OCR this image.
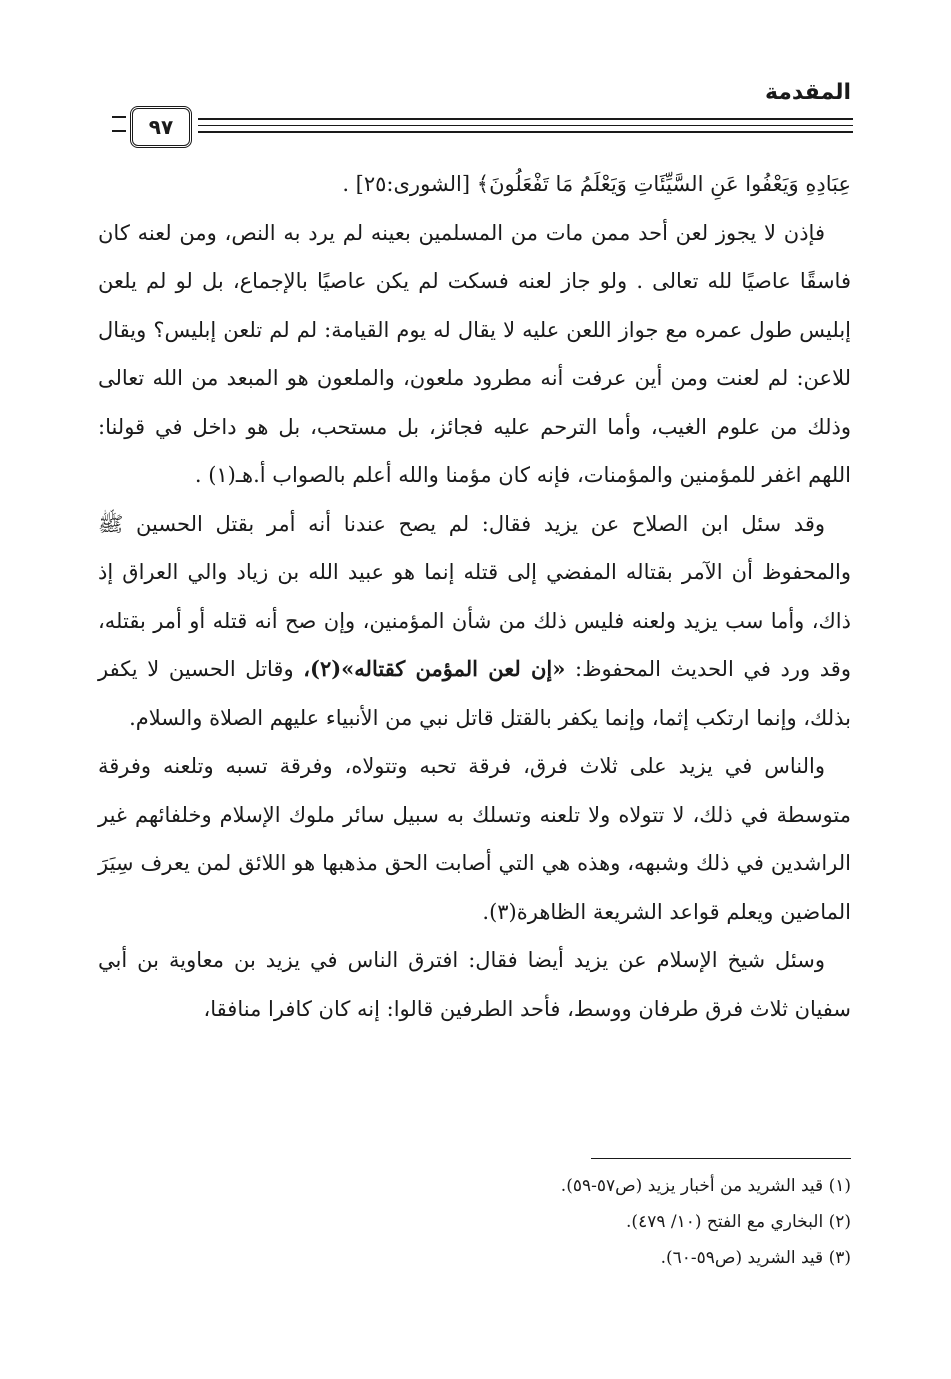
المقدمة
٩٧

عِبَادِهِ وَيَعْفُوا عَنِ السَّيِّئَاتِ وَيَعْلَمُ مَا تَفْعَلُونَ﴾ [الشورى:٢٥] .

فإذن لا يجوز لعن أحد ممن مات من المسلمين بعينه لم يرد به النص، ومن لعنه كان فاسقًا عاصيًا لله تعالى . ولو جاز لعنه فسكت لم يكن عاصيًا بالإجماع، بل لو لم يلعن إبليس طول عمره مع جواز اللعن عليه لا يقال له يوم القيامة: لم لم تلعن إبليس؟ ويقال للاعن: لم لعنت ومن أين عرفت أنه مطرود ملعون، والملعون هو المبعد من الله تعالى وذلك من علوم الغيب، وأما الترحم عليه فجائز، بل مستحب، بل هو داخل في قولنا: اللهم اغفر للمؤمنين والمؤمنات، فإنه كان مؤمنا والله أعلم بالصواب أ.هـ(١) .

وقد سئل ابن الصلاح عن يزيد فقال: لم يصح عندنا أنه أمر بقتل الحسين ﷺ والمحفوظ أن الآمر بقتاله المفضي إلى قتله إنما هو عبيد الله بن زياد والي العراق إذ ذاك، وأما سب يزيد ولعنه فليس ذلك من شأن المؤمنين، وإن صح أنه قتله أو أمر بقتله، وقد ورد في الحديث المحفوظ: «إن لعن المؤمن كقتاله»(٢)، وقاتل الحسين لا يكفر بذلك، وإنما ارتكب إثما، وإنما يكفر بالقتل قاتل نبي من الأنبياء عليهم الصلاة والسلام.

والناس في يزيد على ثلاث فرق، فرقة تحبه وتتولاه، وفرقة تسبه وتلعنه وفرقة متوسطة في ذلك، لا تتولاه ولا تلعنه وتسلك به سبيل سائر ملوك الإسلام وخلفائهم غير الراشدين في ذلك وشبهه، وهذه هي التي أصابت الحق مذهبها هو اللائق لمن يعرف سِيَرَ الماضين ويعلم قواعد الشريعة الظاهرة(٣).

وسئل شيخ الإسلام عن يزيد أيضا فقال: افترق الناس في يزيد بن معاوية بن أبي سفيان ثلاث فرق طرفان ووسط، فأحد الطرفين قالوا: إنه كان كافرا منافقا،

(١) قيد الشريد من أخبار يزيد (ص٥٧-٥٩).

(٢) البخاري مع الفتح (١٠/ ٤٧٩).

(٣) قيد الشريد (ص٥٩-٦٠).
